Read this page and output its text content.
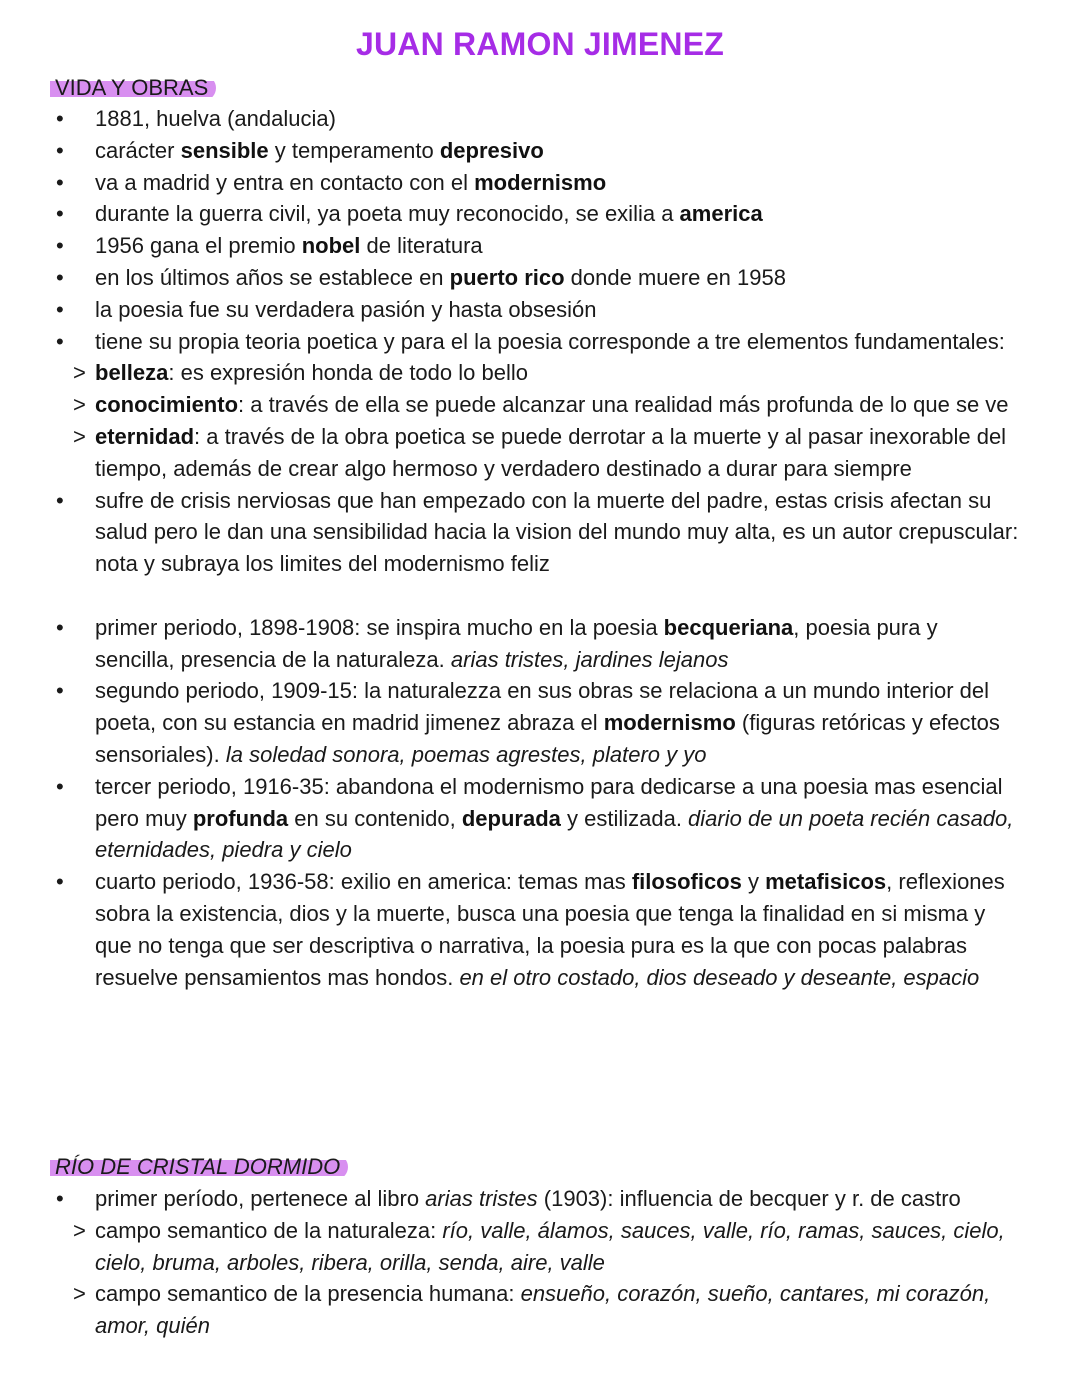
JUAN RAMON JIMENEZ
VIDA Y OBRAS
• 1881, huelva (andalucia)
• carácter sensible y temperamento depresivo
• va a madrid y entra en contacto con el modernismo
• durante la guerra civil, ya poeta muy reconocido, se exilia a america
• 1956 gana el premio nobel de literatura
• en los últimos años se establece en puerto rico donde muere en 1958
• la poesia fue su verdadera pasión y hasta obsesión
• tiene su propia teoria poetica y para el la poesia corresponde a tre elementos fundamentales:
> belleza: es expresión honda de todo lo bello
> conocimiento: a través de ella se puede alcanzar una realidad más profunda de lo que se ve
> eternidad: a través de la obra poetica se puede derrotar a la muerte y al pasar inexorable del tiempo, además de crear algo hermoso y verdadero destinado a durar para siempre
• sufre de crisis nerviosas que han empezado con la muerte del padre, estas crisis afectan su salud pero le dan una sensibilidad hacia la vision del mundo muy alta, es un autor crepuscular: nota y subraya los limites del modernismo feliz
• primer periodo, 1898-1908: se inspira mucho en la poesia becqueriana, poesia pura y sencilla, presencia de la naturaleza. arias tristes, jardines lejanos
• segundo periodo, 1909-15: la naturalezza en sus obras se relaciona a un mundo interior del poeta, con su estancia en madrid jimenez abraza el modernismo (figuras retóricas y efectos sensoriales). la soledad sonora, poemas agrestes, platero y yo
• tercer periodo, 1916-35: abandona el modernismo para dedicarse a una poesia mas esencial pero muy profunda en su contenido, depurada y estilizada. diario de un poeta recién casado, eternidades, piedra y cielo
• cuarto periodo, 1936-58: exilio en america: temas mas filosoficos y metafisicos, reflexiones sobra la existencia, dios y la muerte, busca una poesia que tenga la finalidad en si misma y que no tenga que ser descriptiva o narrativa, la poesia pura es la que con pocas palabras resuelve pensamientos mas hondos. en el otro costado, dios deseado y deseante, espacio
RÍO DE CRISTAL DORMIDO
• primer período, pertenece al libro arias tristes (1903): influencia de becquer y r. de castro
> campo semantico de la naturaleza: río, valle, álamos, sauces, valle, río, ramas, sauces, cielo, cielo, bruma, arboles, ribera, orilla, senda, aire, valle
> campo semantico de la presencia humana: ensueño, corazón, sueño, cantares, mi corazón, amor, quién
